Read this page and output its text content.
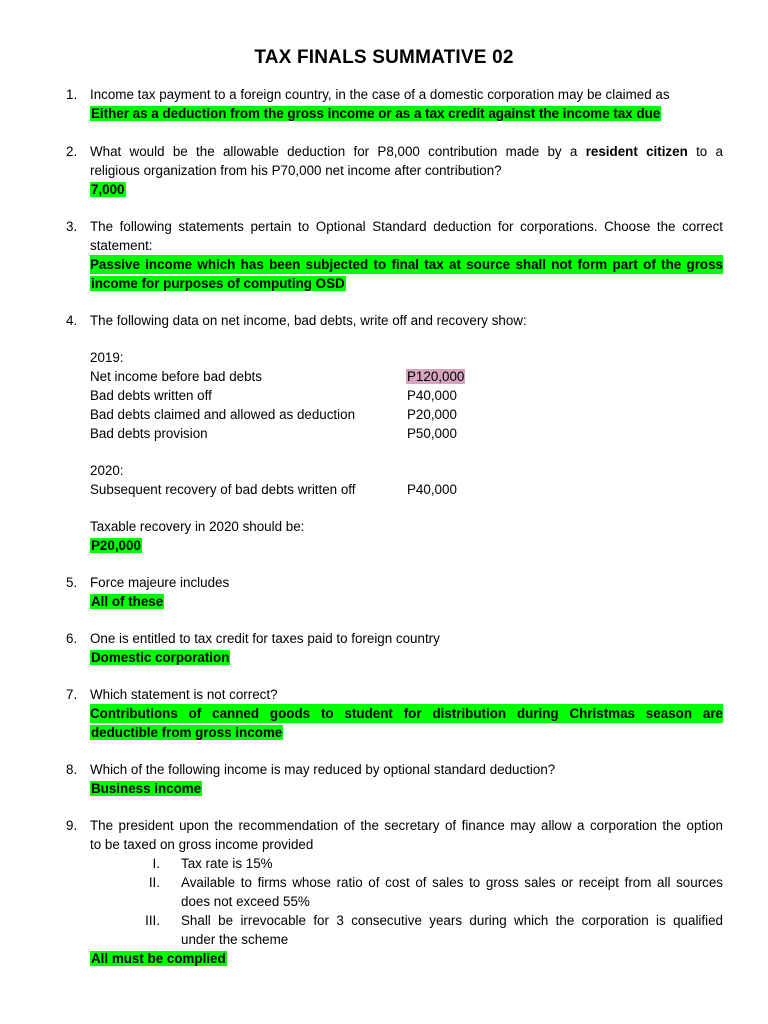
TAX FINALS SUMMATIVE 02
1. Income tax payment to a foreign country, in the case of a domestic corporation may be claimed as
Either as a deduction from the gross income or as a tax credit against the income tax due
2. What would be the allowable deduction for P8,000 contribution made by a resident citizen to a
religious organization from his P70,000 net income after contribution?
7,000
3. The following statements pertain to Optional Standard deduction for corporations. Choose the correct
statement:
Passive income which has been subjected to final tax at source shall not form part of the gross
income for purposes of computing OSD
4. The following data on net income, bad debts, write off and recovery show:
2019:
Net income before bad debts	P120,000
Bad debts written off	P40,000
Bad debts claimed and allowed as deduction	P20,000
Bad debts provision	P50,000
2020:
Subsequent recovery of bad debts written off	P40,000
Taxable recovery in 2020 should be:
P20,000
5. Force majeure includes
All of these
6. One is entitled to tax credit for taxes paid to foreign country
Domestic corporation
7. Which statement is not correct?
Contributions of canned goods to student for distribution during Christmas season are
deductible from gross income
8. Which of the following income is may reduced by optional standard deduction?
Business income
9. The president upon the recommendation of the secretary of finance may allow a corporation the option
to be taxed on gross income provided
I. Tax rate is 15%
II. Available to firms whose ratio of cost of sales to gross sales or receipt from all sources
does not exceed 55%
III. Shall be irrevocable for 3 consecutive years during which the corporation is qualified
under the scheme
All must be complied
